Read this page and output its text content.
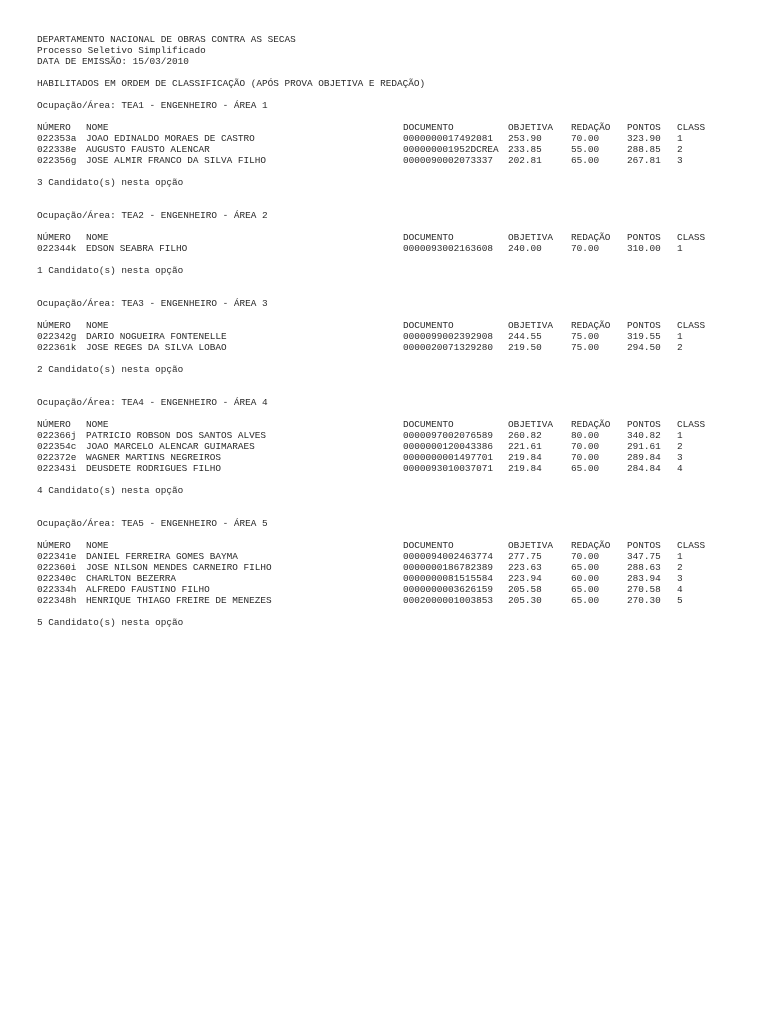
DEPARTAMENTO NACIONAL DE OBRAS CONTRA AS SECAS
Processo Seletivo Simplificado
DATA DE EMISSÃO: 15/03/2010
HABILITADOS EM ORDEM DE CLASSIFICAÇÃO (APÓS PROVA OBJETIVA E REDAÇÃO)
Ocupação/Área: TEA1 - ENGENHEIRO - ÁREA 1
NÚMERO NOME	DOCUMENTO	OBJETIVA REDAÇÃO PONTOS CLASS
022353a JOAO EDINALDO MORAES DE CASTRO	0000000017492081 253.90	70.00	323.90 1
022338e AUGUSTO FAUSTO ALENCAR	000000001952DCREA 233.85	55.00	288.85 2
022356g JOSE ALMIR FRANCO DA SILVA FILHO	0000090002073337 202.81	65.00	267.81 3
3 Candidato(s) nesta opção
Ocupação/Área: TEA2 - ENGENHEIRO - ÁREA 2
NÚMERO NOME	DOCUMENTO	OBJETIVA REDAÇÃO PONTOS CLASS
022344k EDSON SEABRA FILHO	0000093002163608 240.00	70.00	310.00 1
1 Candidato(s) nesta opção
Ocupação/Área: TEA3 - ENGENHEIRO - ÁREA 3
NÚMERO NOME	DOCUMENTO	OBJETIVA REDAÇÃO PONTOS CLASS
022342g DARIO NOGUEIRA FONTENELLE	0000099002392908 244.55	75.00	319.55 1
022361k JOSE REGES DA SILVA LOBAO	0000020071329280 219.50	75.00	294.50 2
2 Candidato(s) nesta opção
Ocupação/Área: TEA4 - ENGENHEIRO - ÁREA 4
NÚMERO NOME	DOCUMENTO	OBJETIVA REDAÇÃO PONTOS CLASS
022366j PATRICIO ROBSON DOS SANTOS ALVES	0000097002076589 260.82	80.00	340.82 1
022354c JOAO MARCELO ALENCAR GUIMARAES	0000000120043386 221.61	70.00	291.61 2
022372e WAGNER MARTINS NEGREIROS	0000000001497701 219.84	70.00	289.84 3
022343i DEUSDETE RODRIGUES FILHO	0000093010037071 219.84	65.00	284.84 4
4 Candidato(s) nesta opção
Ocupação/Área: TEA5 - ENGENHEIRO - ÁREA 5
NÚMERO NOME	DOCUMENTO	OBJETIVA REDAÇÃO PONTOS CLASS
022341e DANIEL FERREIRA GOMES BAYMA	0000094002463774 277.75	70.00	347.75 1
022360i JOSE NILSON MENDES CARNEIRO FILHO	0000000186782389 223.63	65.00	288.63 2
022340c CHARLTON BEZERRA	0000000081515584 223.94	60.00	283.94 3
022334h ALFREDO FAUSTINO FILHO	0000000003626159 205.58	65.00	270.58 4
022348h HENRIQUE THIAGO FREIRE DE MENEZES	0002000001003853 205.30	65.00	270.30 5
5 Candidato(s) nesta opção
